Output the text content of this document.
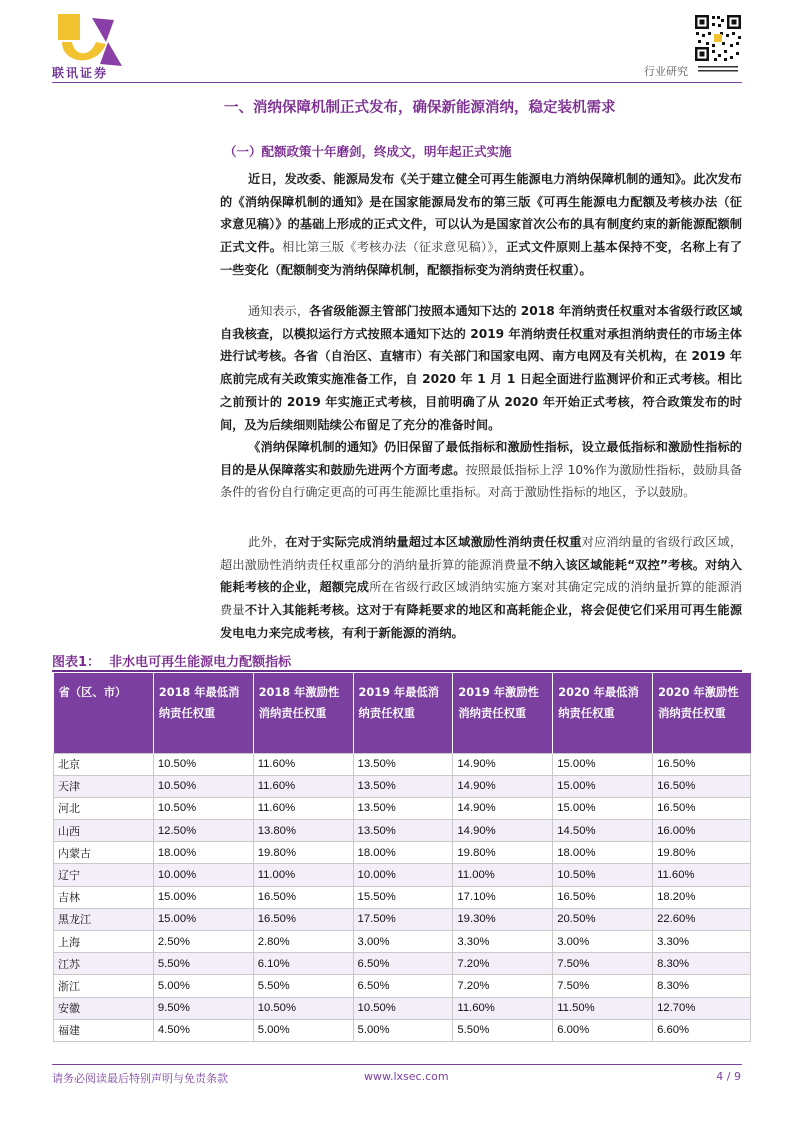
联讯证券	行业研究
一、消纳保障机制正式发布，确保新能源消纳，稳定装机需求
（一）配额政策十年磨剑，终成文，明年起正式实施
近日，发改委、能源局发布《关于建立健全可再生能源电力消纳保障机制的通知》。此次发布的《消纳保障机制的通知》是在国家能源局发布的第三版《可再生能源电力配额及考核办法（征求意见稿）》的基础上形成的正式文件，可以认为是国家首次公布的具有制度约束的新能源配额制正式文件。相比第三版《考核办法（征求意见稿）》，正式文件原则上基本保持不变，名称上有了一些变化（配额制变为消纳保障机制，配额指标变为消纳责任权重）。
通知表示，各省级能源主管部门按照本通知下达的 2018 年消纳责任权重对本省级行政区域自我核查，以模拟运行方式按照本通知下达的 2019 年消纳责任权重对承担消纳责任的市场主体进行试考核。各省（自治区、直辖市）有关部门和国家电网、南方电网及有关机构，在 2019 年底前完成有关政策实施准备工作，自 2020 年 1 月 1 日起全面进行监测评价和正式考核。相比之前预计的 2019 年实施正式考核，目前明确了从 2020 年开始正式考核，符合政策发布的时间，及为后续细则陆续公布留足了充分的准备时间。
《消纳保障机制的通知》仍旧保留了最低指标和激励性指标，设立最低指标和激励性指标的目的是从保障落实和鼓励先进两个方面考虑。按照最低指标上浮 10%作为激励性指标，鼓励具备条件的省份自行确定更高的可再生能源比重指标。对高于激励性指标的地区，予以鼓励。
此外，在对于实际完成消纳量超过本区域激励性消纳责任权重对应消纳量的省级行政区域，超出激励性消纳责任权重部分的消纳量折算的能源消费量不纳入该区域能耗“双控”考核。对纳入能耗考核的企业，超额完成所在省级行政区域消纳实施方案对其确定完成的消纳量折算的能源消费量不计入其能耗考核。这对于有降耗要求的地区和高耗能企业，将会促使它们采用可再生能源发电电力来完成考核，有利于新能源的消纳。
图表1： 非水电可再生能源电力配额指标
省（区、市）	2018 年最低消纳责任权重	2018 年激励性消纳责任权重	2019 年最低消纳责任权重	2019 年激励性消纳责任权重	2020 年最低消纳责任权重	2020 年激励性消纳责任权重
北京	10.50%	11.60%	13.50%	14.90%	15.00%	16.50%
天津	10.50%	11.60%	13.50%	14.90%	15.00%	16.50%
河北	10.50%	11.60%	13.50%	14.90%	15.00%	16.50%
山西	12.50%	13.80%	13.50%	14.90%	14.50%	16.00%
内蒙古	18.00%	19.80%	18.00%	19.80%	18.00%	19.80%
辽宁	10.00%	11.00%	10.00%	11.00%	10.50%	11.60%
吉林	15.00%	16.50%	15.50%	17.10%	16.50%	18.20%
黑龙江	15.00%	16.50%	17.50%	19.30%	20.50%	22.60%
上海	2.50%	2.80%	3.00%	3.30%	3.00%	3.30%
江苏	5.50%	6.10%	6.50%	7.20%	7.50%	8.30%
浙江	5.00%	5.50%	6.50%	7.20%	7.50%	8.30%
安徽	9.50%	10.50%	10.50%	11.60%	11.50%	12.70%
福建	4.50%	5.00%	5.00%	5.50%	6.00%	6.60%
请务必阅读最后特别声明与免责条款	www.lxsec.com	4 / 9
